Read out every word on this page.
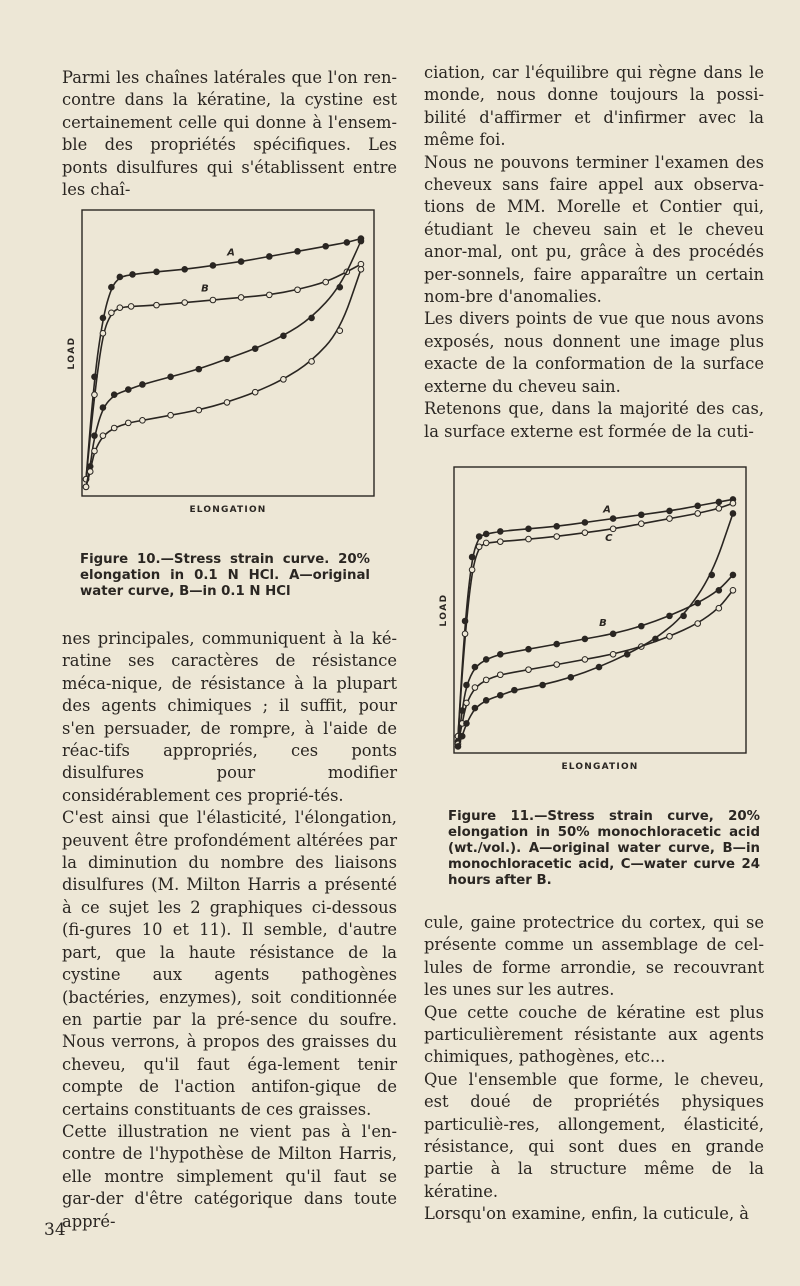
Parmi les chaînes latérales que l'on ren-contre dans la kératine, la cystine est certainement celle qui donne à l'ensem-ble des propriétés spécifiques. Les ponts disulfures qui s'établissent entre les chaî-

LOAD
ELONGATION
A
B
Figure 10.—Stress strain curve. 20% elongation in 0.1 N HCl. A—original water curve, B—in 0.1 N HCl

nes principales, communiquent à la ké-ratine ses caractères de résistance méca-nique, de résistance à la plupart des agents chimiques ; il suffit, pour s'en persuader, de rompre, à l'aide de réac-tifs appropriés, ces ponts disulfures pour modifier considérablement ces proprié-tés.

C'est ainsi que l'élasticité, l'élongation, peuvent être profondément altérées par la diminution du nombre des liaisons disulfures (M. Milton Harris a présenté à ce sujet les 2 graphiques ci-dessous (fi-gures 10 et 11). Il semble, d'autre part, que la haute résistance de la cystine aux agents pathogènes (bactéries, enzymes), soit conditionnée en partie par la pré-sence du soufre. Nous verrons, à propos des graisses du cheveu, qu'il faut éga-lement tenir compte de l'action antifon-gique de certains constituants de ces graisses.

Cette illustration ne vient pas à l'en-contre de l'hypothèse de Milton Harris, elle montre simplement qu'il faut se gar-der d'être catégorique dans toute appré-

ciation, car l'équilibre qui règne dans le monde, nous donne toujours la possi-bilité d'affirmer et d'infirmer avec la même foi.

Nous ne pouvons terminer l'examen des cheveux sans faire appel aux observa-tions de MM. Morelle et Contier qui, étudiant le cheveu sain et le cheveu anor-mal, ont pu, grâce à des procédés per-sonnels, faire apparaître un certain nom-bre d'anomalies.

Les divers points de vue que nous avons exposés, nous donnent une image plus exacte de la conformation de la surface externe du cheveu sain.

Retenons que, dans la majorité des cas, la surface externe est formée de la cuti-

LOAD
ELONGATION
A
C
B
Figure 11.—Stress strain curve, 20% elongation in 50% monochloracetic acid (wt./vol.). A—original water curve, B—in monochloracetic acid, C—water curve 24 hours after B.

cule, gaine protectrice du cortex, qui se présente comme un assemblage de cel-lules de forme arrondie, se recouvrant les unes sur les autres.

Que cette couche de kératine est plus particulièrement résistante aux agents chimiques, pathogènes, etc...

Que l'ensemble que forme, le cheveu, est doué de propriétés physiques particuliè-res, allongement, élasticité, résistance, qui sont dues en grande partie à la structure même de la kératine.

Lorsqu'on examine, enfin, la cuticule, à

34
